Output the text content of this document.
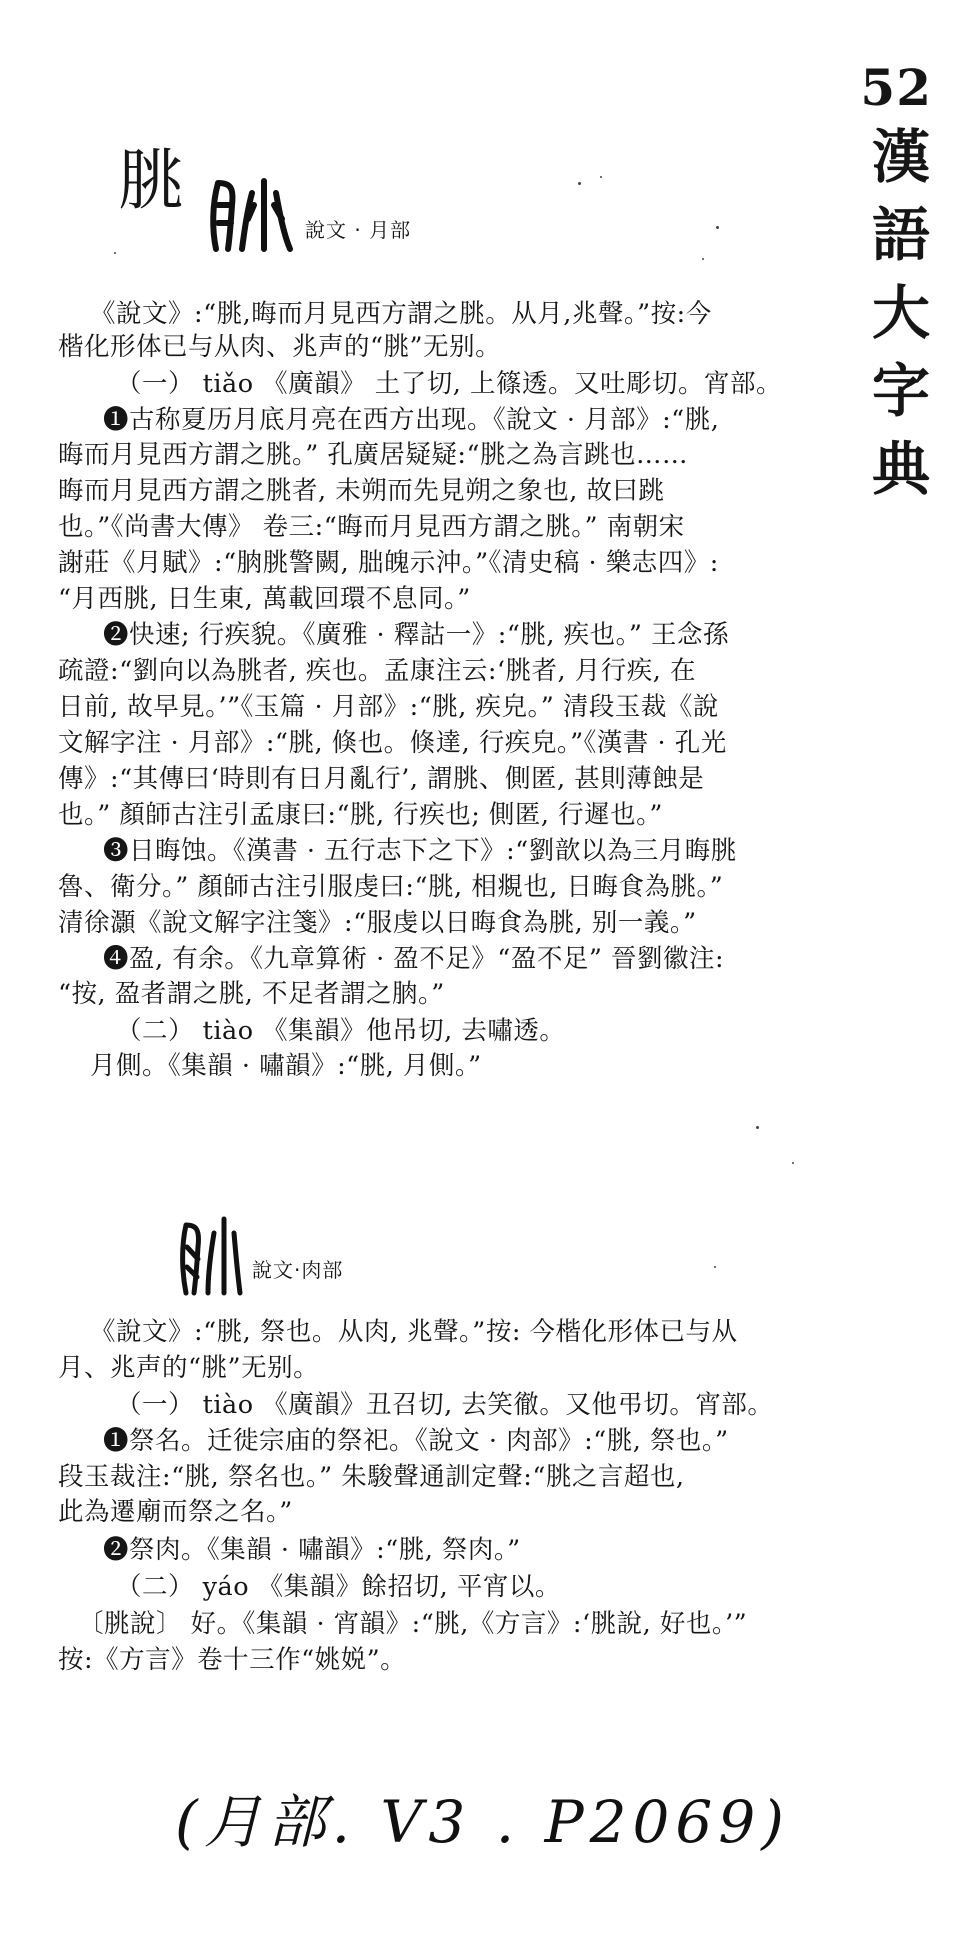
52
漢語大字典
朓
說文 · 月部
《說文》:“朓,晦而月見西方謂之朓。从月,兆聲。”按:今
楷化形体已与从肉、兆声的“朓”无别。
（一） tiǎo 《廣韻》 土了切, 上篠透。又吐彫切。宵部。
❶古称夏历月底月亮在西方出现。《說文 · 月部》:“朓,
晦而月見西方謂之朓。” 孔廣居疑疑:“朓之為言跳也……
晦而月見西方謂之朓者, 未朔而先見朔之象也, 故曰跳
也。”《尚書大傳》 卷三:“晦而月見西方謂之朓。” 南朝宋
謝莊《月賦》:“朒朓警闕, 朏魄示沖。”《清史稿 · 樂志四》:
“月西朓, 日生東, 萬載回環不息同。”
❷快速; 行疾貌。《廣雅 · 釋詁一》:“朓, 疾也。” 王念孫
疏證:“劉向以為朓者, 疾也。孟康注云:‘朓者, 月行疾, 在
日前, 故早見。’”《玉篇 · 月部》:“朓, 疾皃。” 清段玉裁《說
文解字注 · 月部》:“朓, 倏也。倏達, 行疾皃。”《漢書 · 孔光
傳》:“其傳曰‘時則有日月亂行’, 謂朓、側匿, 甚則薄蝕是
也。” 顏師古注引孟康曰:“朓, 行疾也; 側匿, 行遲也。”
❸日晦蚀。《漢書 · 五行志下之下》:“劉歆以為三月晦朓
魯、衛分。” 顏師古注引服虔曰:“朓, 相覜也, 日晦食為朓。”
清徐灝《說文解字注箋》:“服虔以日晦食為朓, 别一義。”
❹盈, 有余。《九章算術 · 盈不足》“盈不足” 晉劉徽注:
“按, 盈者謂之朓, 不足者謂之朒。”
（二） tiào 《集韻》他吊切, 去嘯透。
月側。《集韻 · 嘯韻》:“朓, 月側。”
說文·肉部
《說文》:“朓, 祭也。从肉, 兆聲。”按: 今楷化形体已与从
月、兆声的“朓”无别。
（一） tiào 《廣韻》丑召切, 去笑徹。又他弔切。宵部。
❶祭名。迁徙宗庙的祭祀。《說文 · 肉部》:“朓, 祭也。”
段玉裁注:“朓, 祭名也。” 朱駿聲通訓定聲:“朓之言超也,
此為遷廟而祭之名。”
❷祭肉。《集韻 · 嘯韻》:“朓, 祭肉。”
（二） yáo 《集韻》餘招切, 平宵以。
〔朓說〕 好。《集韻 · 宵韻》:“朓,《方言》:‘朓說, 好也。’”
按:《方言》卷十三作“姚娧”。
(月部. V3 . P2069)
